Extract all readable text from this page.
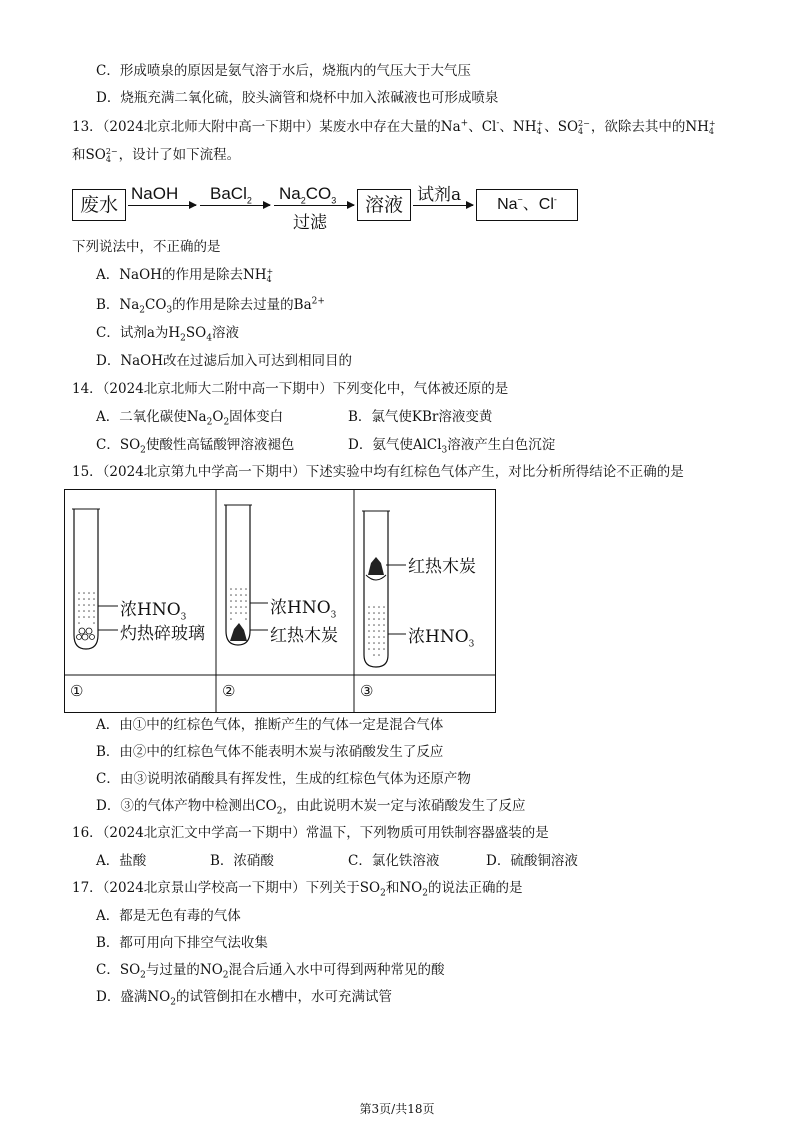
C．形成喷泉的原因是氨气溶于水后，烧瓶内的气压大于大气压
D．烧瓶充满二氧化硫，胶头滴管和烧杯中加入浓碱液也可形成喷泉
13．（2024北京北师大附中高一下期中）某废水中存在大量的Na+、Cl-、NH+
4 、SO2−
4 ，欲除去其中的NH+
4
和SO2−
4 ，设计了如下流程。
废水
NaOH BaCl$_2$ $Na_2CO_3$
过滤
溶液 试剂a	Na−、Cl-
下列说法中，不正确的是
A．NaOH的作用是除去NH+
4
B．$Na_2CO_3$的作用是除去过量的$Ba^{2+}$
C．试剂a为$H_2SO_4$溶液
D．NaOH改在过滤后加入可达到相同目的
14．（2024北京北师大二附中高一下期中）下列变化中，气体被还原的是
A．二氧化碳使$Na_2O_2$固体变白	B．氯气使KBr溶液变黄
C．$SO_2$使酸性高锰酸钾溶液褪色	D．氨气使AlCl$_3$溶液产生白色沉淀
15．（2024北京第九中学高一下期中）下述实验中均有红棕色气体产生，对比分析所得结论不正确的是
浓$HNO_3$
灼热碎玻璃
浓$HNO_3$
红热木炭
红热木炭
浓$HNO_3$
①	②	③
A．由①中的红棕色气体，推断产生的气体一定是混合气体
B．由②中的红棕色气体不能表明木炭与浓硝酸发生了反应
C．由③说明浓硝酸具有挥发性，生成的红棕色气体为还原产物
D．③的气体产物中检测出$CO_2$，由此说明木炭一定与浓硝酸发生了反应
16．（2024北京汇文中学高一下期中）常温下，下列物质可用铁制容器盛装的是
A．盐酸	B．浓硝酸	C．氯化铁溶液	D．硫酸铜溶液
17．（2024北京景山学校高一下期中）下列关于$SO_2$和$NO_2$的说法正确的是
A．都是无色有毒的气体
B．都可用向下排空气法收集
C．$SO_2$与过量的$NO_2$混合后通入水中可得到两种常见的酸
D．盛满$NO_2$的试管倒扣在水槽中，水可充满试管
第3页/共18页
